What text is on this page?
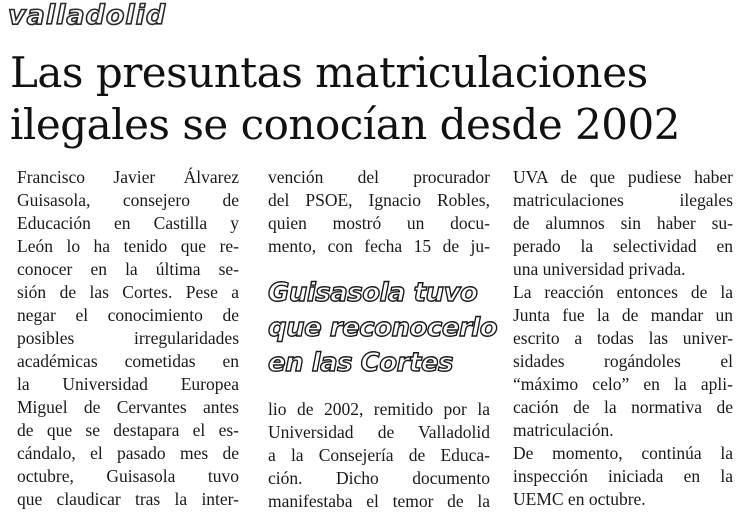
valladolid
Las presuntas matriculaciones
ilegales se conocían desde 2002
Francisco Javier Álvarez
Guisasola, consejero de
Educación en Castilla y
León lo ha tenido que re-
conocer en la última se-
sión de las Cortes. Pese a
negar el conocimiento de
posibles irregularidades
académicas cometidas en
la Universidad Europea
Miguel de Cervantes antes
de que se destapara el es-
cándalo, el pasado mes de
octubre, Guisasola tuvo
que claudicar tras la inter-
vención del procurador
del PSOE, Ignacio Robles,
quien mostró un docu-
mento, con fecha 15 de ju-
Guisasola tuvo
que reconocerlo
en las Cortes
lio de 2002, remitido por la
Universidad de Valladolid
a la Consejería de Educa-
ción. Dicho documento
manifestaba el temor de la
UVA de que pudiese haber
matriculaciones ilegales
de alumnos sin haber su-
perado la selectividad en
una universidad privada.
La reacción entonces de la
Junta fue la de mandar un
escrito a todas las univer-
sidades rogándoles el
“máximo celo” en la apli-
cación de la normativa de
matriculación.
De momento, continúa la
inspección iniciada en la
UEMC en octubre.
